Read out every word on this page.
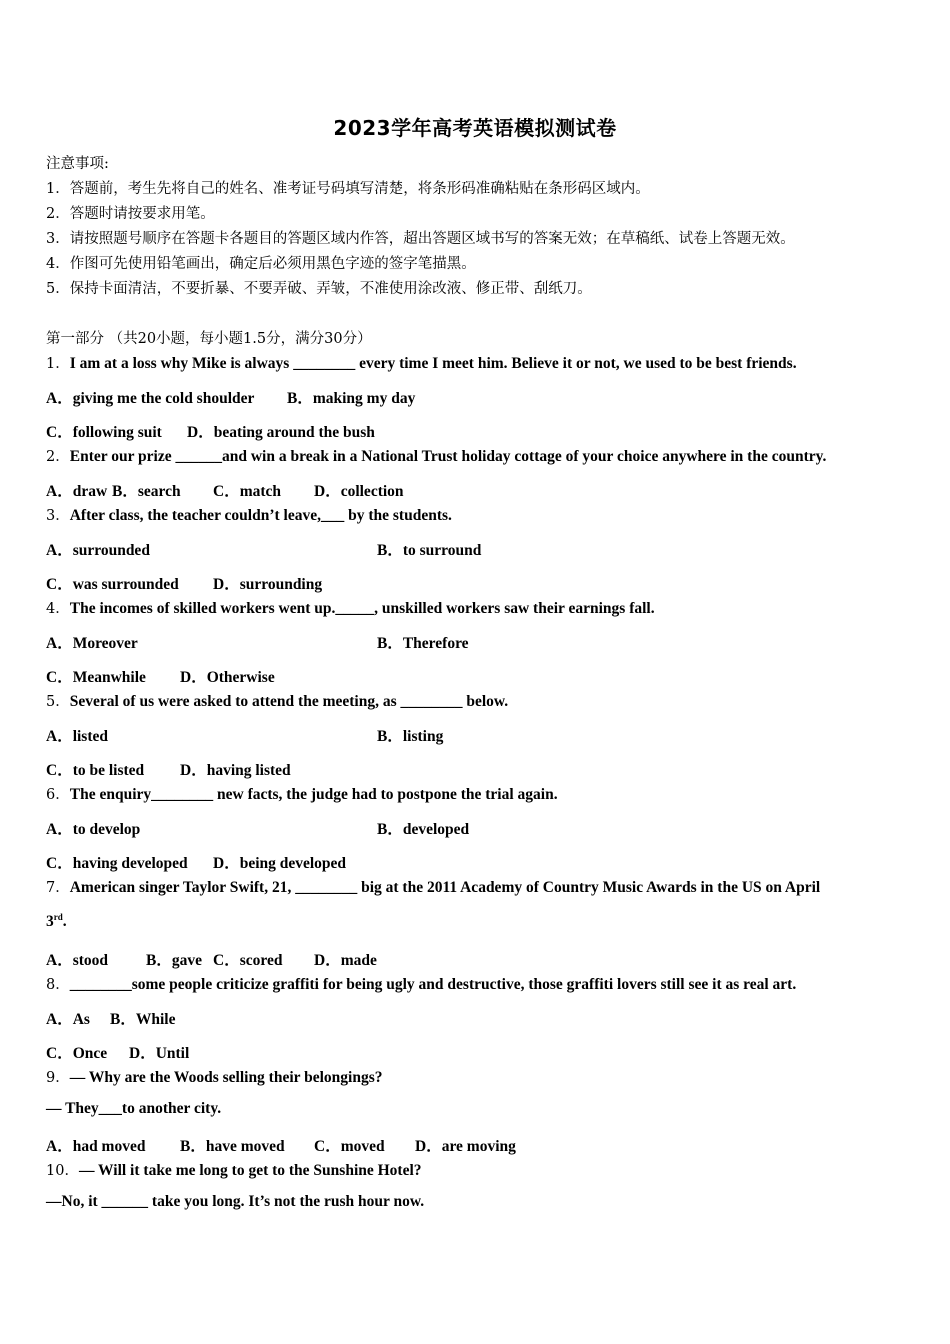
2023学年高考英语模拟测试卷
注意事项:
1．答题前，考生先将自己的姓名、准考证号码填写清楚，将条形码准确粘贴在条形码区域内。
2．答题时请按要求用笔。
3．请按照题号顺序在答题卡各题目的答题区域内作答，超出答题区域书写的答案无效；在草稿纸、试卷上答题无效。
4．作图可先使用铅笔画出，确定后必须用黑色字迹的签字笔描黑。
5．保持卡面清洁，不要折暴、不要弄破、弄皱，不准使用涂改液、修正带、刮纸刀。
第一部分 （共20小题，每小题1.5分，满分30分）
1．I am at a loss why Mike is always ________ every time I meet him. Believe it or not, we used to be best friends.
A．giving me the cold shoulder B．making my day
C．following suit D．beating around the bush
2．Enter our prize ______and win a break in a National Trust holiday cottage of your choice anywhere in the country.
A．draw B．search C．match D．collection
3．After class, the teacher couldn’t leave,___ by the students.
A．surrounded	B．to surround
C．was surrounded D．surrounding
4．The incomes of skilled workers went up._____, unskilled workers saw their earnings fall.
A．Moreover	B．Therefore
C．Meanwhile D．Otherwise
5．Several of us were asked to attend the meeting, as ________ below.
A．listed	B．listing
C．to be listed D．having listed
6．The enquiry________ new facts, the judge had to postpone the trial again.
A．to develop	B．developed
C．having developed D．being developed
7．American singer Taylor Swift, 21, ________ big at the 2011 Academy of Country Music Awards in the US on April
3rd.
A．stood B．gave C．scored D．made
8．________some people criticize graffiti for being ugly and destructive, those graffiti lovers still see it as real art.
A．As B．While
C．Once D．Until
9．— Why are the Woods selling their belongings?
— They___to another city.
A．had moved B．have moved C．moved D．are moving
10．— Will it take me long to get to the Sunshine Hotel?
—No, it ______ take you long. It’s not the rush hour now.
